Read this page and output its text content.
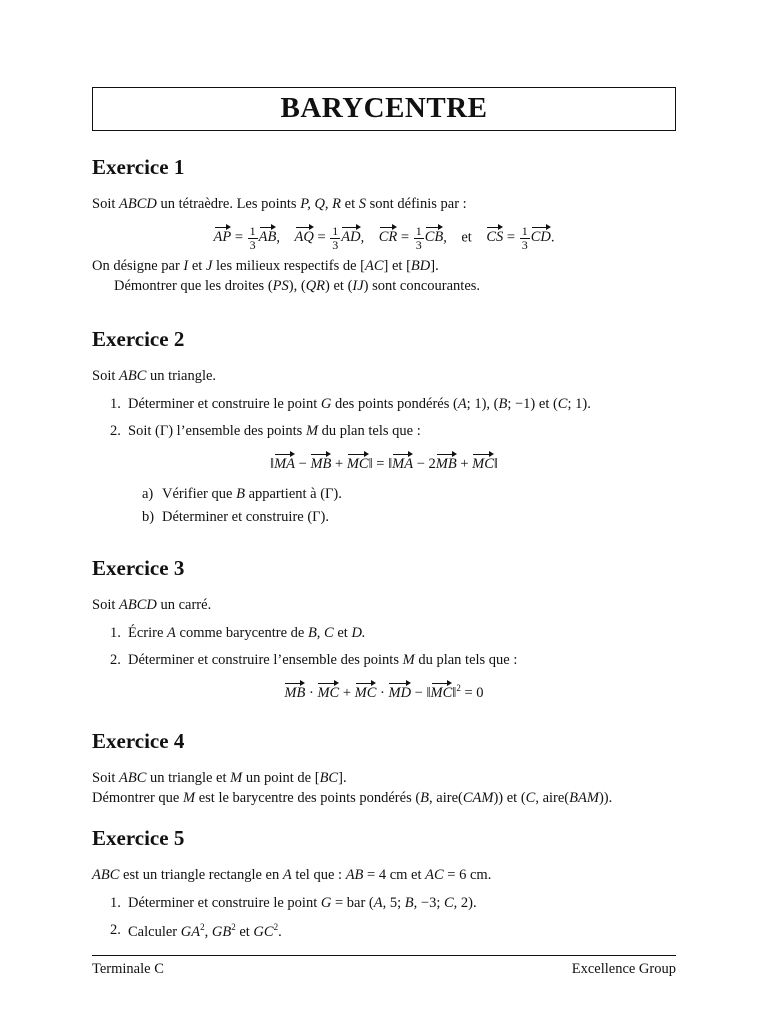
BARYCENTRE
Exercice 1

Soit ABCD un tétraèdre. Les points P, Q, R et S sont définis par :

AP = $\frac{1}{3}$ AB,    AQ = $\frac{1}{3}$ AD,    CR = $\frac{1}{3}$ CB,    et CS = $\frac{1}{3}$ CD.

On désigne par I et J les milieux respectifs de [AC] et [BD].

Démontrer que les droites (PS), (QR) et (IJ) sont concourantes.

Exercice 2

Soit ABC un triangle.

1. Déterminer et construire le point G des points pondérés (A; 1), (B; −1) et (C; 1).
2. Soit (Γ) l’ensemble des points M du plan tels que :

‖MA − MB + MC‖ = ‖MA − 2MB + MC‖

a) Vérifier que B appartient à (Γ).
b) Déterminer et construire (Γ).
Exercice 3

Soit ABCD un carré.

1. Écrire A comme barycentre de B, C et D.
2. Déterminer et construire l’ensemble des points M du plan tels que :

MB · MC + MC · MD − ‖MC‖$^2$ = 0

Exercice 4

Soit ABC un triangle et M un point de [BC].

Démontrer que M est le barycentre des points pondérés (B, aire(CAM)) et (C, aire(BAM)).

Exercice 5

ABC est un triangle rectangle en A tel que : AB = 4 cm et AC = 6 cm.

1. Déterminer et construire le point G = bar (A, 5; B, −3; C, 2).
2. Calculer $GA^2$, $GB^2$ et $GC^2$.
Terminale C	Excellence Group
